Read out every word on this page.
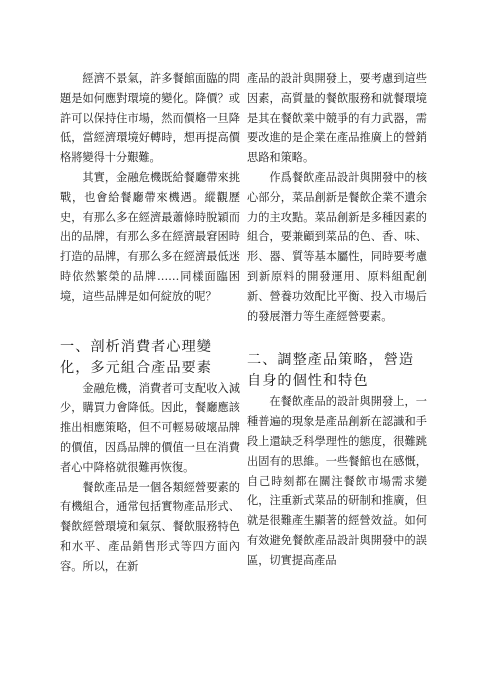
經濟不景氣，許多餐館面臨的問題是如何應對環境的變化。降價？或許可以保持住市場，然而價格一旦降低，當經濟環境好轉時，想再提高價格將變得十分艱難。

其實，金融危機既給餐廳帶來挑戰，也會給餐廳帶來機遇。縱觀歷史，有那么多在經濟最蕭條時脫穎而出的品牌，有那么多在經濟最窘困時打造的品牌，有那么多在經濟最低迷時依然繁榮的品牌……同樣面臨困境，這些品牌是如何綻放的呢？

一、剖析消費者心理變化，多元組合產品要素

金融危機，消費者可支配收入減少，購買力會降低。因此，餐廳應該推出相應策略，但不可輕易破壞品牌的價值，因爲品牌的價值一旦在消費者心中降格就很難再恢復。

餐飲產品是一個各類經營要素的有機組合，通常包括實物產品形式、餐飲經營環境和氣氛、餐飲服務特色和水平、產品銷售形式等四方面內容。所以，在新

產品的設計與開發上，要考慮到這些因素，高質量的餐飲服務和就餐環境是其在餐飲業中競爭的有力武器，需要改進的是企業在產品推廣上的營銷思路和策略。

作爲餐飲產品設計與開發中的核心部分，菜品創新是餐飲企業不遺余力的主攻點。菜品創新是多種因素的組合，要兼顧到菜品的色、香、味、形、器、質等基本屬性，同時要考慮到新原料的開發運用、原料組配創新、營養功效配比平衡、投入市場后的發展潛力等生產經營要素。

二、調整產品策略，營造自身的個性和特色

在餐飲產品的設計與開發上，一種普遍的現象是產品創新在認識和手段上還缺乏科學理性的態度，很難跳出固有的思維。一些餐館也在感慨，自己時刻都在關注餐飲市場需求變化，注重新式菜品的研制和推廣，但就是很難產生顯著的經營效益。如何有效避免餐飲產品設計與開發中的誤區，切實提高產品
